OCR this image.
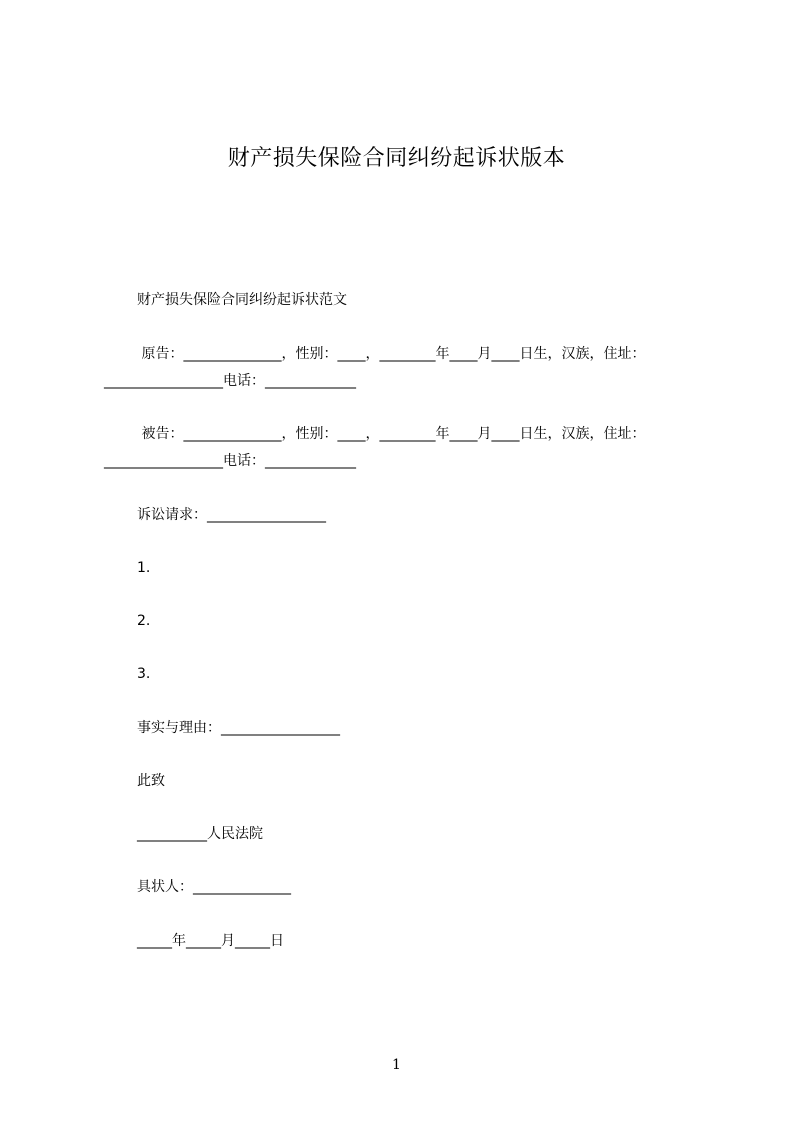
财产损失保险合同纠纷起诉状版本
财产损失保险合同纠纷起诉状范文
原告：______________，性别：____，________年____月____日生，汉族，住址：
_________________电话：_____________
被告：______________，性别：____，________年____月____日生，汉族，住址：
_________________电话：_____________
诉讼请求：_________________
1.
2.
3.
事实与理由：_________________
此致
__________人民法院
具状人：______________
_____年_____月_____日
1
